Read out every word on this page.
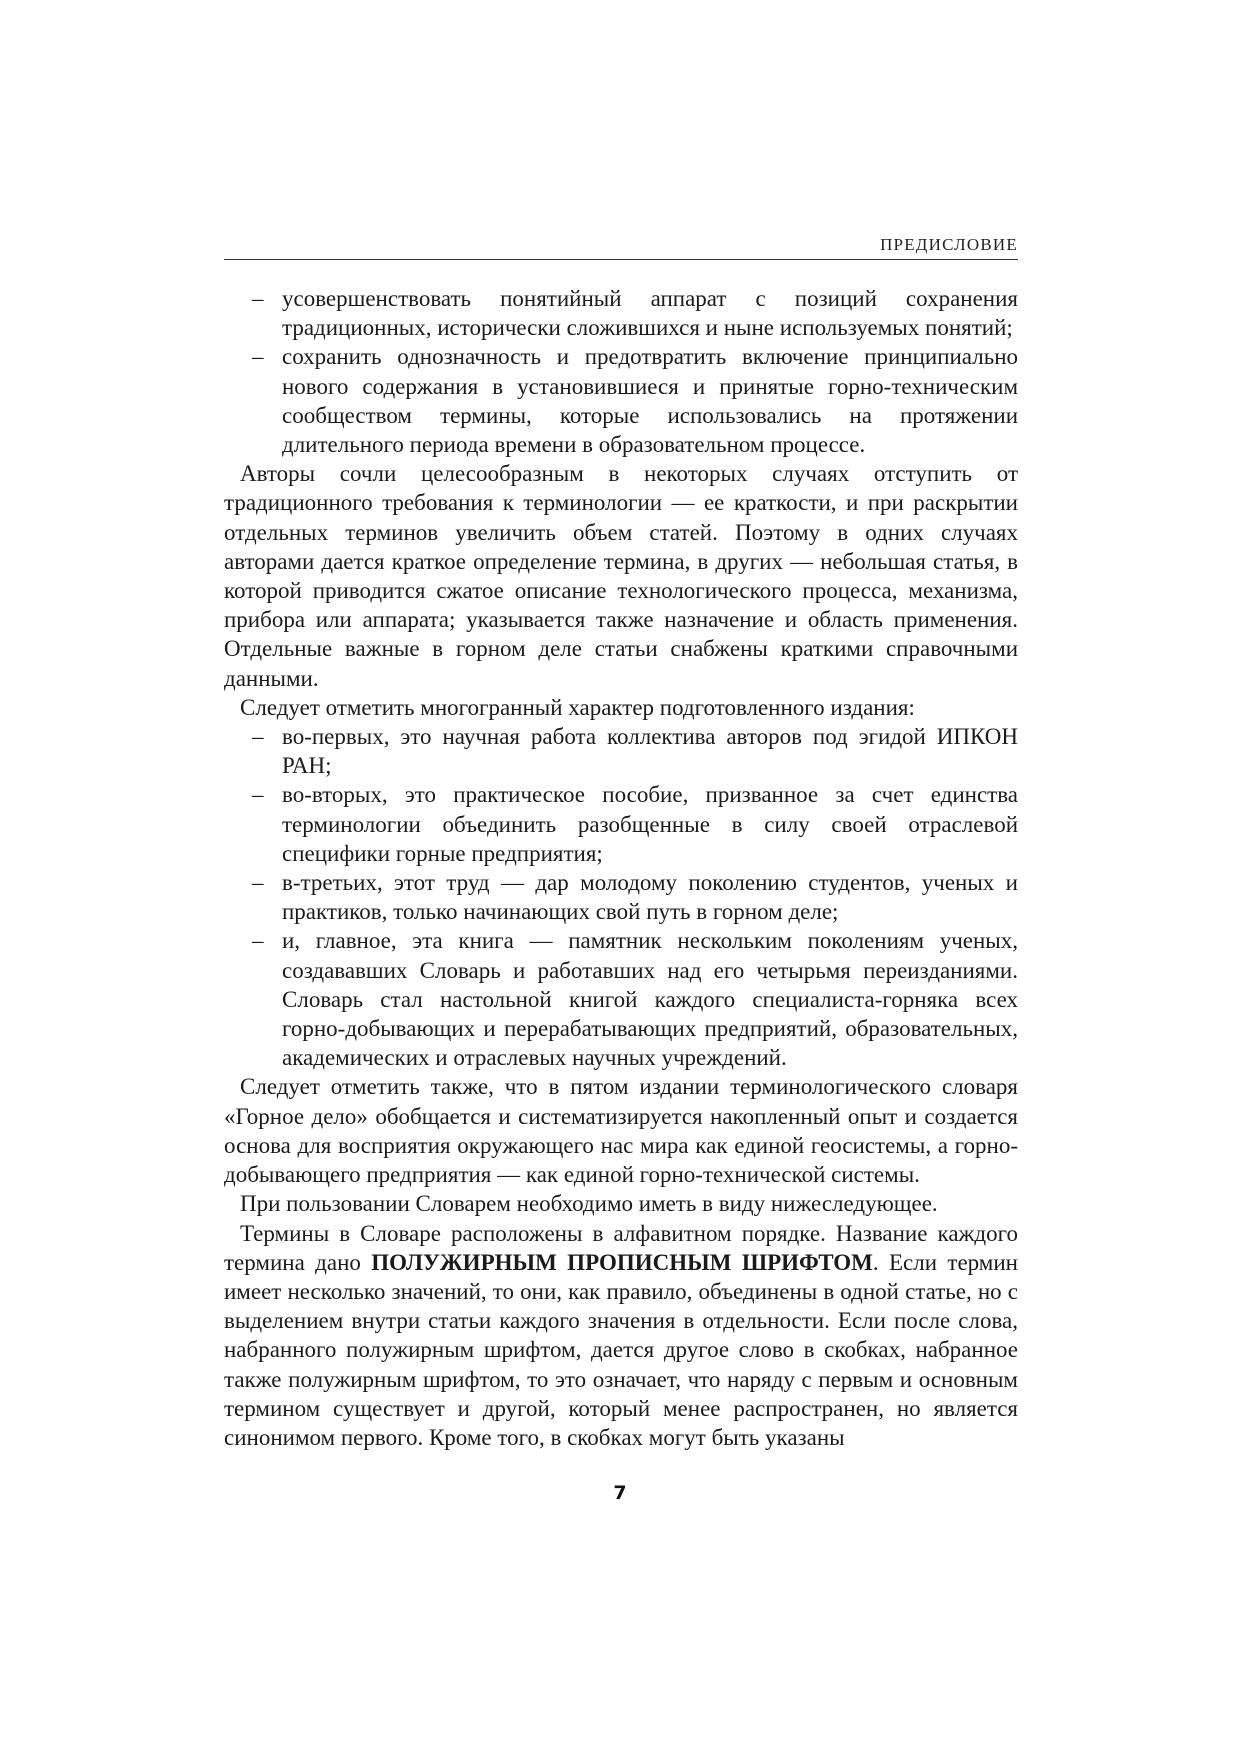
ПРЕДИСЛОВИЕ
– усовершенствовать понятийный аппарат с позиций сохранения традиционных, исторически сложившихся и ныне используемых понятий;
– сохранить однозначность и предотвратить включение принципиально нового содержания в установившиеся и принятые горно-техническим сообществом термины, которые использовались на протяжении длительного периода времени в образовательном процессе.

Авторы сочли целесообразным в некоторых случаях отступить от традиционного требования к терминологии — ее краткости, и при раскрытии отдельных терминов увеличить объем статей. Поэтому в одних случаях авторами дается краткое определение термина, в других — небольшая статья, в которой приводится сжатое описание технологического процесса, механизма, прибора или аппарата; указывается также назначение и область применения. Отдельные важные в горном деле статьи снабжены краткими справочными данными.

Следует отметить многогранный характер подготовленного издания:

– во-первых, это научная работа коллектива авторов под эгидой ИПКОН РАН;
– во-вторых, это практическое пособие, призванное за счет единства терминологии объединить разобщенные в силу своей отраслевой специфики горные предприятия;
– в-третьих, этот труд — дар молодому поколению студентов, ученых и практиков, только начинающих свой путь в горном деле;
– и, главное, эта книга — памятник нескольким поколениям ученых, создававших Словарь и работавших над его четырьмя переизданиями. Словарь стал настольной книгой каждого специалиста-горняка всех горно-добывающих и перерабатывающих предприятий, образовательных, академических и отраслевых научных учреждений.

Следует отметить также, что в пятом издании терминологического словаря «Горное дело» обобщается и систематизируется накопленный опыт и создается основа для восприятия окружающего нас мира как единой геосистемы, а горно-добывающего предприятия — как единой горно-технической системы.

При пользовании Словарем необходимо иметь в виду нижеследующее.

Термины в Словаре расположены в алфавитном порядке. Название каждого термина дано ПОЛУЖИРНЫМ ПРОПИСНЫМ ШРИФТОМ. Если термин имеет несколько значений, то они, как правило, объединены в одной статье, но с выделением внутри статьи каждого значения в отдельности. Если после слова, набранного полужирным шрифтом, дается другое слово в скобках, набранное также полужирным шрифтом, то это означает, что наряду с первым и основным термином существует и другой, который менее распространен, но является синонимом первого. Кроме того, в скобках могут быть указаны

7
